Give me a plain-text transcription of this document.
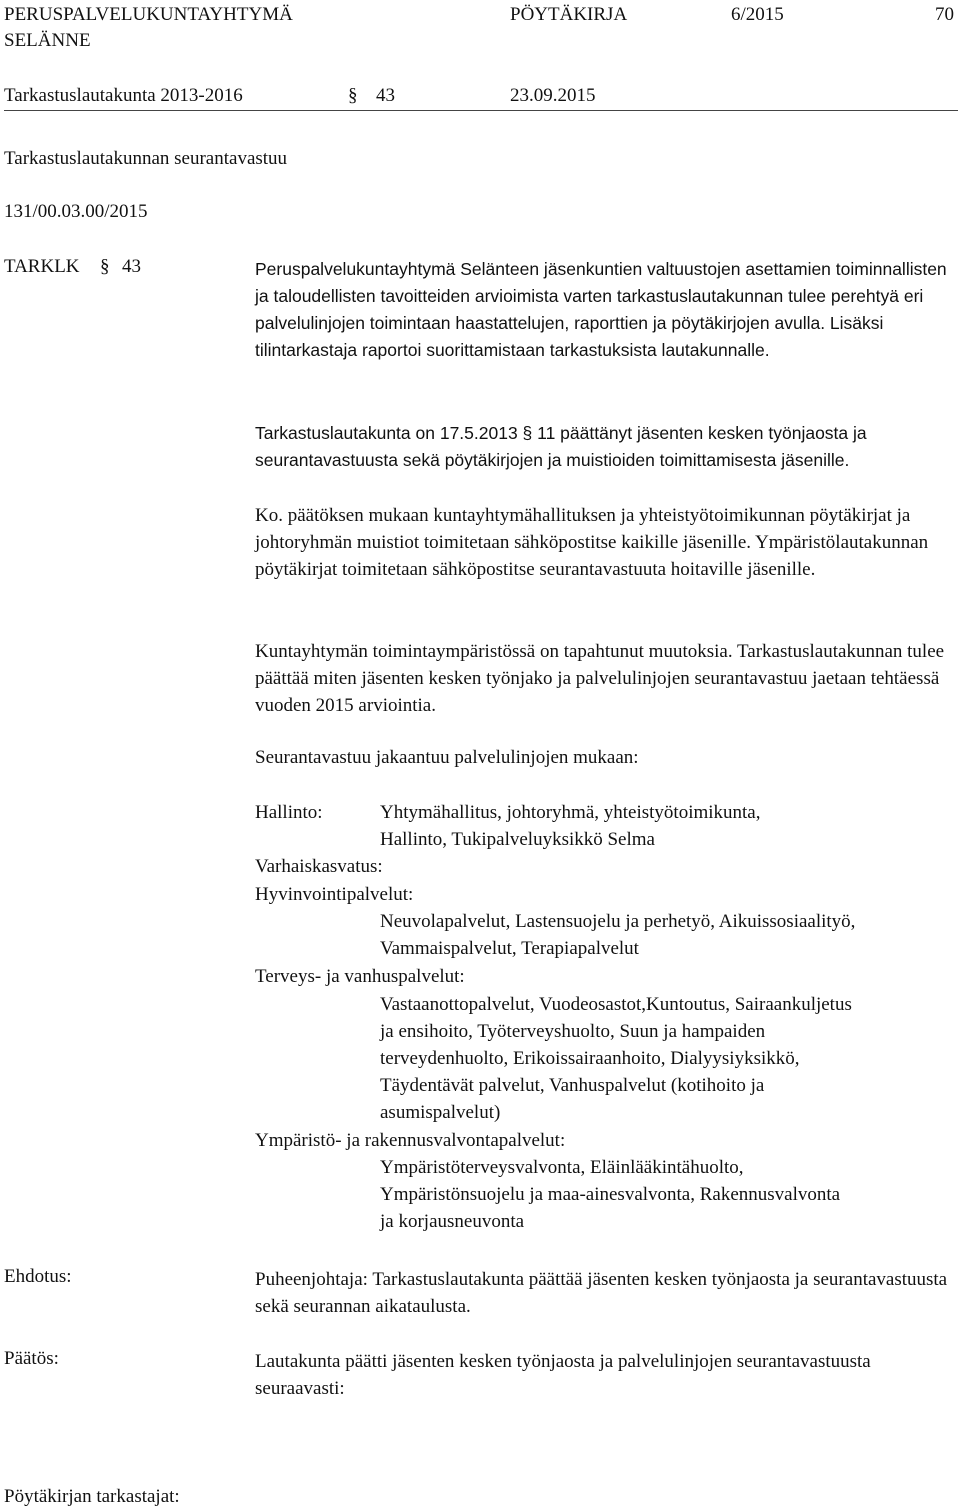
PERUSPALVELUKUNTAYHTYMÄ
SELÄNNE
PÖYTÄKIRJA	6/2015	70
Tarkastuslautakunta 2013-2016	§ 43	23.09.2015
Tarkastuslautakunnan seurantavastuu
131/00.03.00/2015
TARKLK § 43	Peruspalvelukuntayhtymä Selänteen jäsenkuntien valtuustojen asettamien toiminnallisten ja taloudellisten tavoitteiden arvioimista varten tarkastuslautakunnan tulee perehtyä eri palvelulinjojen toimintaan haastattelujen, raporttien ja pöytäkirjojen avulla. Lisäksi tilintarkastaja raportoi suorittamistaan tarkastuksista lautakunnalle.
Tarkastuslautakunta on 17.5.2013 § 11 päättänyt jäsenten kesken työnjaosta ja seurantavastuusta sekä pöytäkirjojen ja muistioiden toimittamisesta jäsenille.
Ko. päätöksen mukaan kuntayhtymähallituksen ja yhteistyötoimikunnan pöytäkirjat ja johtoryhmän muistiot toimitetaan sähköpostitse kaikille jäsenille. Ympäristölautakunnan pöytäkirjat toimitetaan sähköpostitse seurantavastuuta hoitaville jäsenille.
Kuntayhtymän toimintaympäristössä on tapahtunut muutoksia. Tarkastuslautakunnan tulee päättää miten jäsenten kesken työnjako ja palvelulinjojen seurantavastuu jaetaan tehtäessä vuoden 2015 arviointia.
Seurantavastuu jakaantuu palvelulinjojen mukaan:
Hallinto:	Yhtymähallitus, johtoryhmä, yhteistyötoimikunta,
Hallinto, Tukipalveluyksikkö Selma
Varhaiskasvatus:
Hyvinvointipalvelut:
Neuvolapalvelut, Lastensuojelu ja perhetyö, Aikuissosiaalityö,
Vammaispalvelut, Terapiapalvelut
Terveys- ja vanhuspalvelut:
Vastaanottopalvelut, Vuodeosastot,Kuntoutus, Sairaankuljetus
ja ensihoito, Työterveyshuolto, Suun ja hampaiden
terveydenhuolto, Erikoissairaanhoito, Dialyysiyksikkö,
Täydentävät palvelut, Vanhuspalvelut (kotihoito ja
asumispalvelut)
Ympäristö- ja rakennusvalvontapalvelut:
Ympäristöterveysvalvonta, Eläinlääkintähuolto,
Ympäristönsuojelu ja maa-ainesvalvonta, Rakennusvalvonta
ja korjausneuvonta
Ehdotus:	Puheenjohtaja: Tarkastuslautakunta päättää jäsenten kesken työnjaosta ja seurantavastuusta sekä seurannan aikataulusta.
Päätös:	Lautakunta päätti jäsenten kesken työnjaosta ja palvelulinjojen seurantavastuusta seuraavasti:
Pöytäkirjan tarkastajat:
